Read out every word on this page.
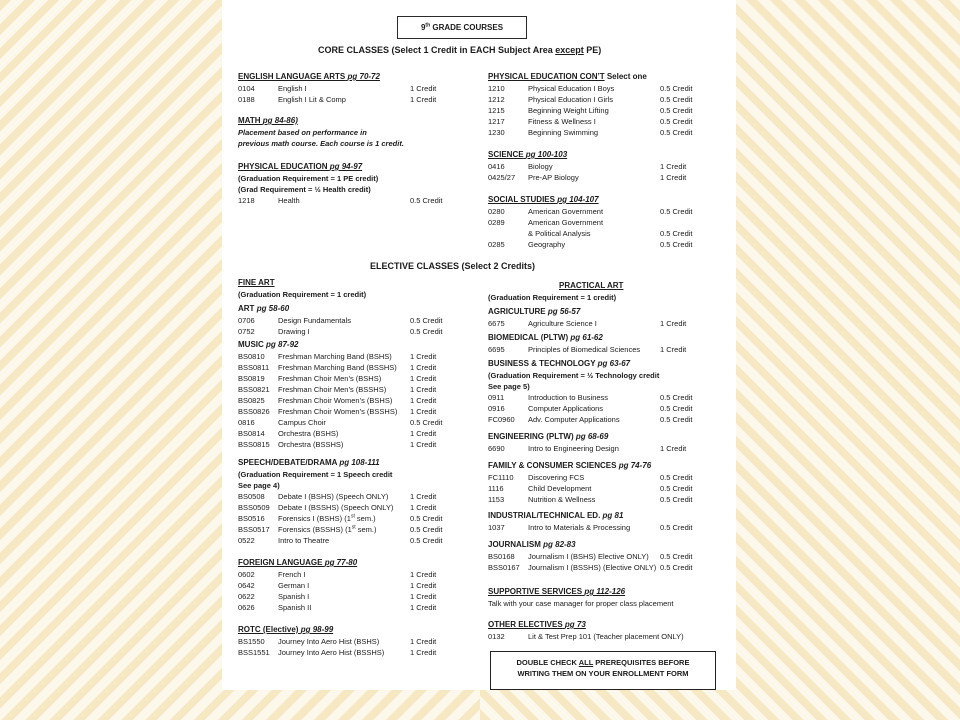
9th GRADE COURSES
CORE CLASSES (Select 1 Credit in EACH Subject Area except PE)
ENGLISH LANGUAGE ARTS pg 70-72
0104	English I	1 Credit
0188	English I Lit & Comp	1 Credit
MATH pg 84-86)
Placement based on performance in
previous math course. Each course is 1 credit.
PHYSICAL EDUCATION pg 94-97
(Graduation Requirement = 1 PE credit)
(Grad Requirement = ½ Health credit)
1218	Health	0.5 Credit
PHYSICAL EDUCATION CON’T Select one
1210	Physical Education I Boys	0.5 Credit
1212	Physical Education I Girls	0.5 Credit
1215	Beginning Weight Lifting	0.5 Credit
1217	Fitness & Wellness I	0.5 Credit
1230	Beginning Swimming	0.5 Credit
SCIENCE pg 100-103
0416	Biology	1 Credit
0425/27 Pre-AP Biology	1 Credit
SOCIAL STUDIES pg 104-107
0280	American Government	0.5 Credit
0289	American Government
& Political Analysis	0.5 Credit
0285	Geography	0.5 Credit
ELECTIVE CLASSES (Select 2 Credits)
FINE ART
(Graduation Requirement = 1 credit)
ART pg 58-60
0706	Design Fundamentals	0.5 Credit
0752	Drawing I	0.5 Credit
MUSIC pg 87-92
BS0810 Freshman Marching Band (BSHS) 1 Credit
BSS0811 Freshman Marching Band (BSSHS) 1 Credit
BS0819 Freshman Choir Men’s (BSHS)	1 Credit
BSS0821 Freshman Choir Men’s (BSSHS)	1 Credit
BS0825 Freshman Choir Women’s (BSHS) 1 Credit
BSS0826 Freshman Choir Women’s (BSSHS) 1 Credit
0816	Campus Choir	0.5 Credit
BS0814 Orchestra (BSHS)	1 Credit
BSS0815 Orchestra (BSSHS)	1 Credit
SPEECH/DEBATE/DRAMA pg 108-111
(Graduation Requirement = 1 Speech credit
See page 4)
BS0508 Debate I (BSHS) (Speech ONLY)	1 Credit
BSS0509 Debate I (BSSHS) (Speech ONLY) 1 Credit
BS0516 Forensics I (BSHS) (1st sem.)	0.5 Credit
BSS0517 Forensics (BSSHS) (1st sem.)	0.5 Credit
0522	Intro to Theatre	0.5 Credit
FOREIGN LANGUAGE pg 77-80
0602	French I	1 Credit
0642	German I	1 Credit
0622	Spanish I	1 Credit
0626	Spanish II	1 Credit
ROTC (Elective) pg 98-99
BS1550 Journey Into Aero Hist (BSHS)	1 Credit
BSS1551 Journey Into Aero Hist (BSSHS)	1 Credit
PRACTICAL ART
(Graduation Requirement = 1 credit)
AGRICULTURE pg 56-57
6675	Agriculture Science I	1 Credit
BIOMEDICAL (PLTW) pg 61-62
6695	Principles of Biomedical Sciences	1 Credit
BUSINESS & TECHNOLOGY pg 63-67
(Graduation Requirement = ½ Technology credit
See page 5)
0911	Introduction to Business	0.5 Credit
0916	Computer Applications	0.5 Credit
FC0960 Adv. Computer Applications	0.5 Credit
ENGINEERING (PLTW) pg 68-69
6690	Intro to Engineering Design	1 Credit
FAMILY & CONSUMER SCIENCES pg 74-76
FC1110 Discovering FCS	0.5 Credit
1116	Child Development	0.5 Credit
1153	Nutrition & Wellness	0.5 Credit
INDUSTRIAL/TECHNICAL ED. pg 81
1037	Intro to Materials & Processing	0.5 Credit
JOURNALISM pg 82-83
BS0168 Journalism I (BSHS) Elective ONLY) 0.5 Credit
BSS0167 Journalism I (BSSHS) (Elective ONLY) 0.5 Credit
SUPPORTIVE SERVICES pg 112-126
Talk with your case manager for proper class placement
OTHER ELECTIVES pg 73
0132	Lit & Test Prep 101 (Teacher placement ONLY)
DOUBLE CHECK ALL PREREQUISITES BEFORE
WRITING THEM ON YOUR ENROLLMENT FORM
